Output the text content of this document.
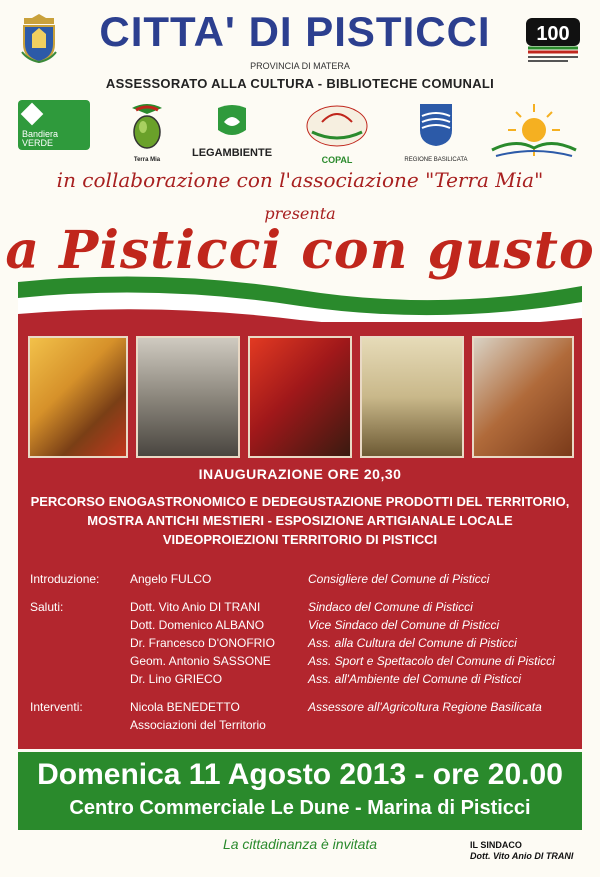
CITTA' DI PISTICCI	100
PROVINCIA DI MATERA
ASSESSORATO ALLA CULTURA - BIBLIOTECHE COMUNALI
Bandiera VERDE
Terra Mia
LEGAMBIENTE
COPAL	REGIONE BASILICATA
in collaborazione con l'associazione "Terra Mia"
presenta
a Pisticci con gusto
INAUGURAZIONE ORE 20,30
PERCORSO ENOGASTRONOMICO E DEDEGUSTAZIONE PRODOTTI DEL TERRITORIO,
MOSTRA ANTICHI MESTIERI - ESPOSIZIONE ARTIGIANALE LOCALE
VIDEOPROIEZIONI TERRITORIO DI PISTICCI
Introduzione:	Angelo FULCO	Consigliere del Comune di Pisticci
Saluti:	Dott. Vito Anio DI TRANI	Sindaco del Comune di Pisticci
Dott. Domenico ALBANO	Vice Sindaco del Comune di Pisticci
Dr. Francesco D'ONOFRIO	Ass. alla Cultura del Comune di Pisticci
Geom. Antonio SASSONE	Ass. Sport e Spettacolo del Comune di Pisticci
Dr. Lino GRIECO	Ass. all'Ambiente del Comune di Pisticci
Interventi:	Nicola BENEDETTO	Assessore all'Agricoltura Regione Basilicata
Associazioni del Territorio
Domenica 11 Agosto 2013 - ore 20.00
Centro Commerciale Le Dune - Marina di Pisticci
La cittadinanza è invitata	IL SINDACO
Dott. Vito Anio DI TRANI
